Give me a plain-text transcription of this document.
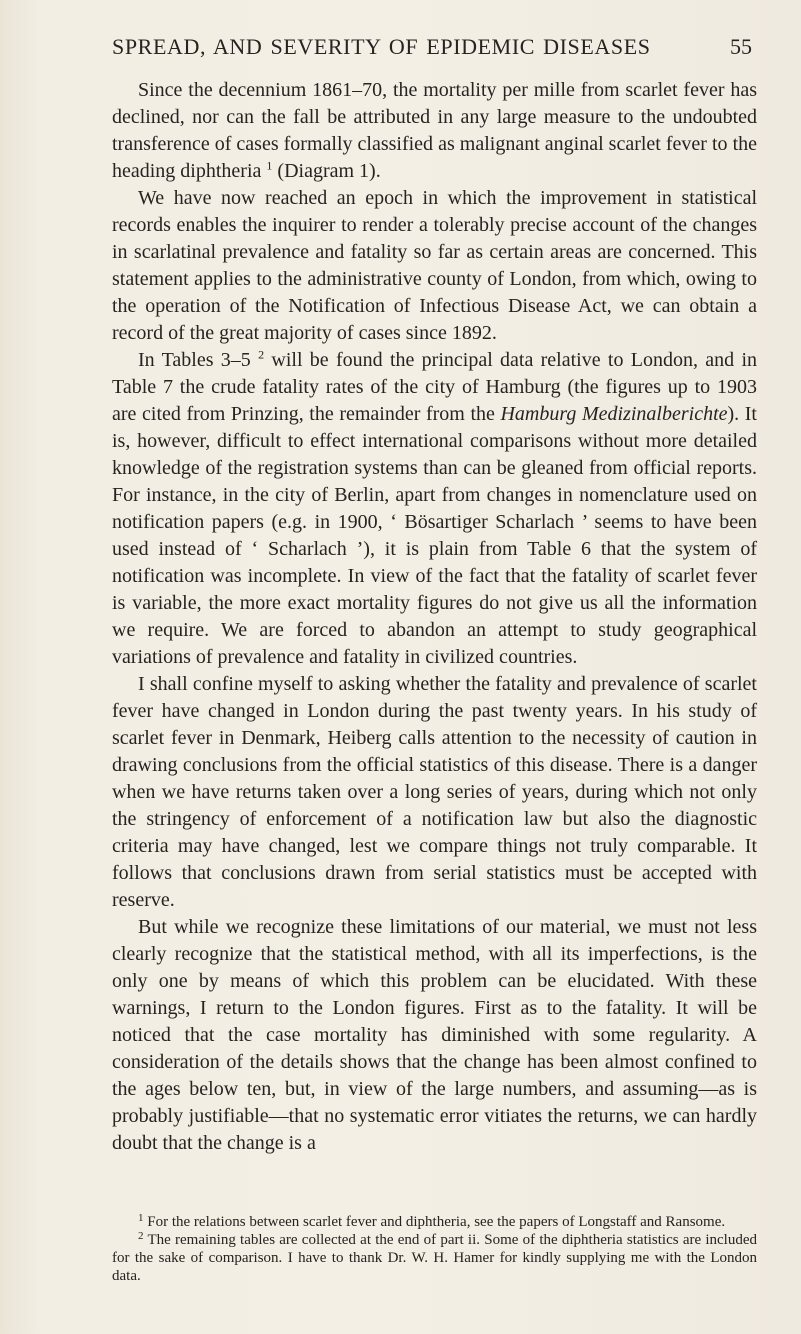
SPREAD, AND SEVERITY OF EPIDEMIC DISEASES	55

Since the decennium 1861–70, the mortality per mille from scarlet fever has declined, nor can the fall be attributed in any large measure to the undoubted transference of cases formally classified as malignant anginal scarlet fever to the heading diphtheria $^1$ (Diagram 1).

We have now reached an epoch in which the improvement in statistical records enables the inquirer to render a tolerably precise account of the changes in scarlatinal prevalence and fatality so far as certain areas are concerned. This statement applies to the administrative county of London, from which, owing to the operation of the Notification of Infectious Disease Act, we can obtain a record of the great majority of cases since 1892.

In Tables 3–5 $^2$ will be found the principal data relative to London, and in Table 7 the crude fatality rates of the city of Hamburg (the figures up to 1903 are cited from Prinzing, the remainder from the Hamburg Medizinalberichte). It is, however, difficult to effect international comparisons without more detailed knowledge of the registration systems than can be gleaned from official reports. For instance, in the city of Berlin, apart from changes in nomenclature used on notification papers (e.g. in 1900, ‘ Bösartiger Scharlach ’ seems to have been used instead of ‘ Scharlach ’), it is plain from Table 6 that the system of notification was incomplete. In view of the fact that the fatality of scarlet fever is variable, the more exact mortality figures do not give us all the information we require. We are forced to abandon an attempt to study geographical variations of prevalence and fatality in civilized countries.

I shall confine myself to asking whether the fatality and prevalence of scarlet fever have changed in London during the past twenty years. In his study of scarlet fever in Denmark, Heiberg calls attention to the necessity of caution in drawing conclusions from the official statistics of this disease. There is a danger when we have returns taken over a long series of years, during which not only the stringency of enforcement of a notification law but also the diagnostic criteria may have changed, lest we compare things not truly comparable. It follows that conclusions drawn from serial statistics must be accepted with reserve.

But while we recognize these limitations of our material, we must not less clearly recognize that the statistical method, with all its imperfections, is the only one by means of which this problem can be elucidated. With these warnings, I return to the London figures. First as to the fatality. It will be noticed that the case mortality has diminished with some regularity. A consideration of the details shows that the change has been almost confined to the ages below ten, but, in view of the large numbers, and assuming—as is probably justifiable—that no systematic error vitiates the returns, we can hardly doubt that the change is a

$^1$ For the relations between scarlet fever and diphtheria, see the papers of Longstaff and Ransome.

$^2$ The remaining tables are collected at the end of part ii. Some of the diphtheria statistics are included for the sake of comparison. I have to thank Dr. W. H. Hamer for kindly supplying me with the London data.
